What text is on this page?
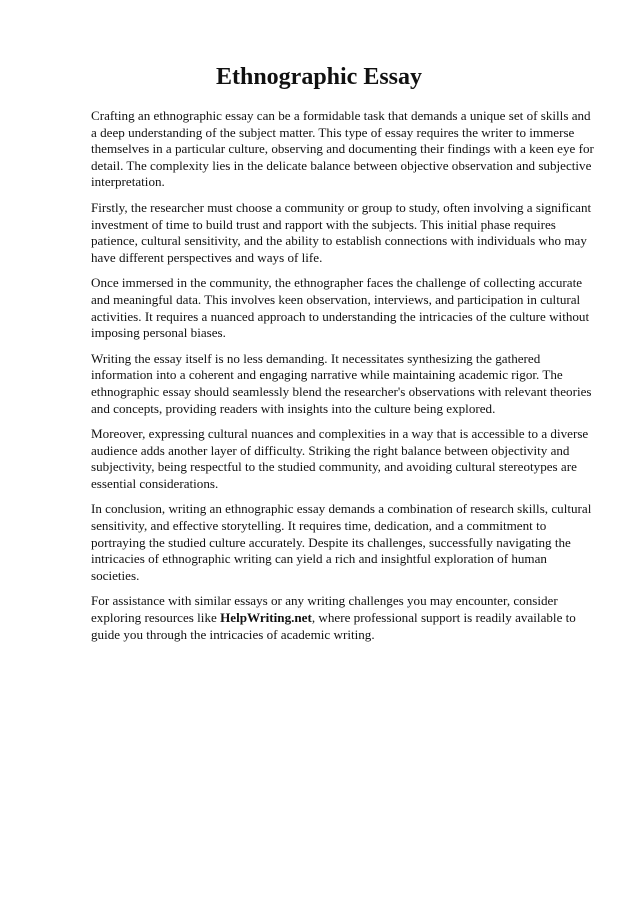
Ethnographic Essay

Crafting an ethnographic essay can be a formidable task that demands a unique set of skills and a deep understanding of the subject matter. This type of essay requires the writer to immerse themselves in a particular culture, observing and documenting their findings with a keen eye for detail. The complexity lies in the delicate balance between objective observation and subjective interpretation.

Firstly, the researcher must choose a community or group to study, often involving a significant investment of time to build trust and rapport with the subjects. This initial phase requires patience, cultural sensitivity, and the ability to establish connections with individuals who may have different perspectives and ways of life.

Once immersed in the community, the ethnographer faces the challenge of collecting accurate and meaningful data. This involves keen observation, interviews, and participation in cultural activities. It requires a nuanced approach to understanding the intricacies of the culture without imposing personal biases.

Writing the essay itself is no less demanding. It necessitates synthesizing the gathered information into a coherent and engaging narrative while maintaining academic rigor. The ethnographic essay should seamlessly blend the researcher's observations with relevant theories and concepts, providing readers with insights into the culture being explored.

Moreover, expressing cultural nuances and complexities in a way that is accessible to a diverse audience adds another layer of difficulty. Striking the right balance between objectivity and subjectivity, being respectful to the studied community, and avoiding cultural stereotypes are essential considerations.

In conclusion, writing an ethnographic essay demands a combination of research skills, cultural sensitivity, and effective storytelling. It requires time, dedication, and a commitment to portraying the studied culture accurately. Despite its challenges, successfully navigating the intricacies of ethnographic writing can yield a rich and insightful exploration of human societies.

For assistance with similar essays or any writing challenges you may encounter, consider exploring resources like HelpWriting.net, where professional support is readily available to guide you through the intricacies of academic writing.
